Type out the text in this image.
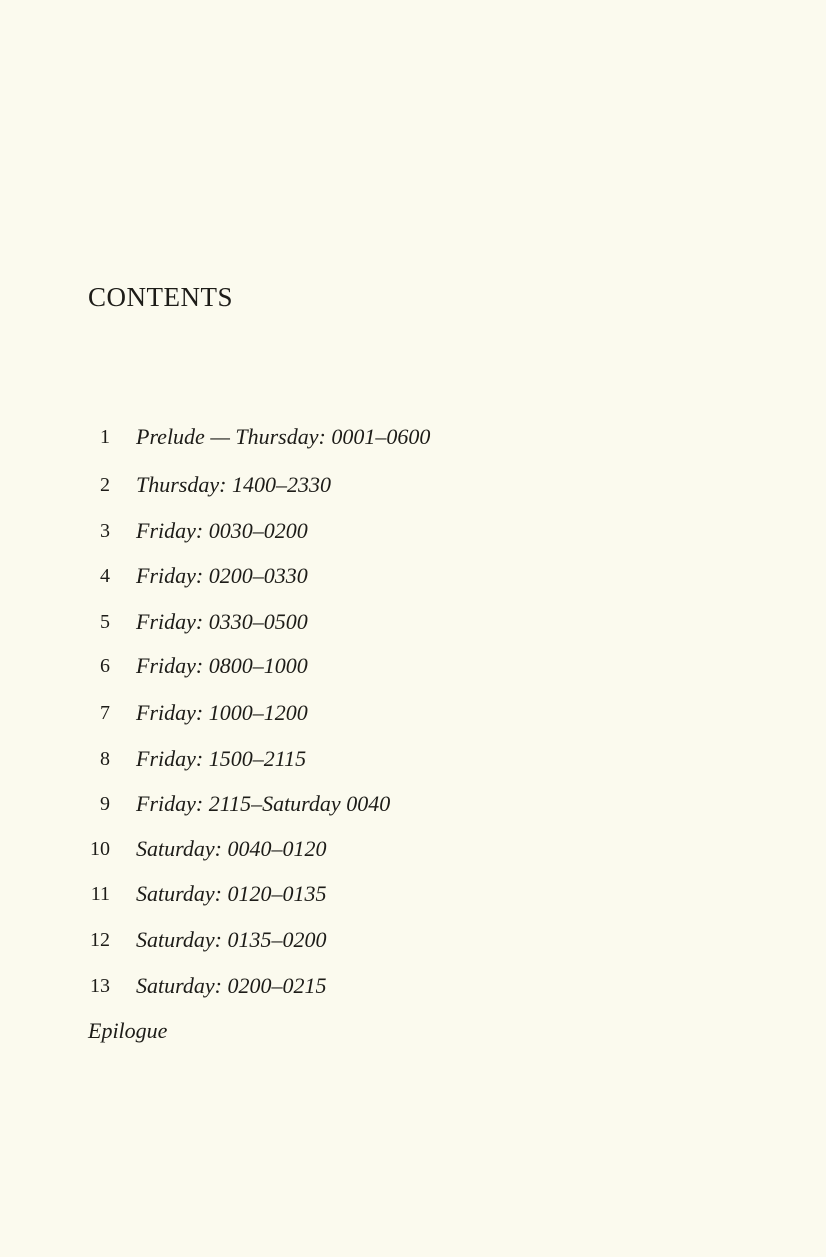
CONTENTS
1 Prelude — Thursday: 0001–0600
2 Thursday: 1400–2330
3 Friday: 0030–0200
4 Friday: 0200–0330
5 Friday: 0330–0500
6 Friday: 0800–1000
7 Friday: 1000–1200
8 Friday: 1500–2115
9 Friday: 2115–Saturday 0040
10 Saturday: 0040–0120
11 Saturday: 0120–0135
12 Saturday: 0135–0200
13 Saturday: 0200–0215
Epilogue
